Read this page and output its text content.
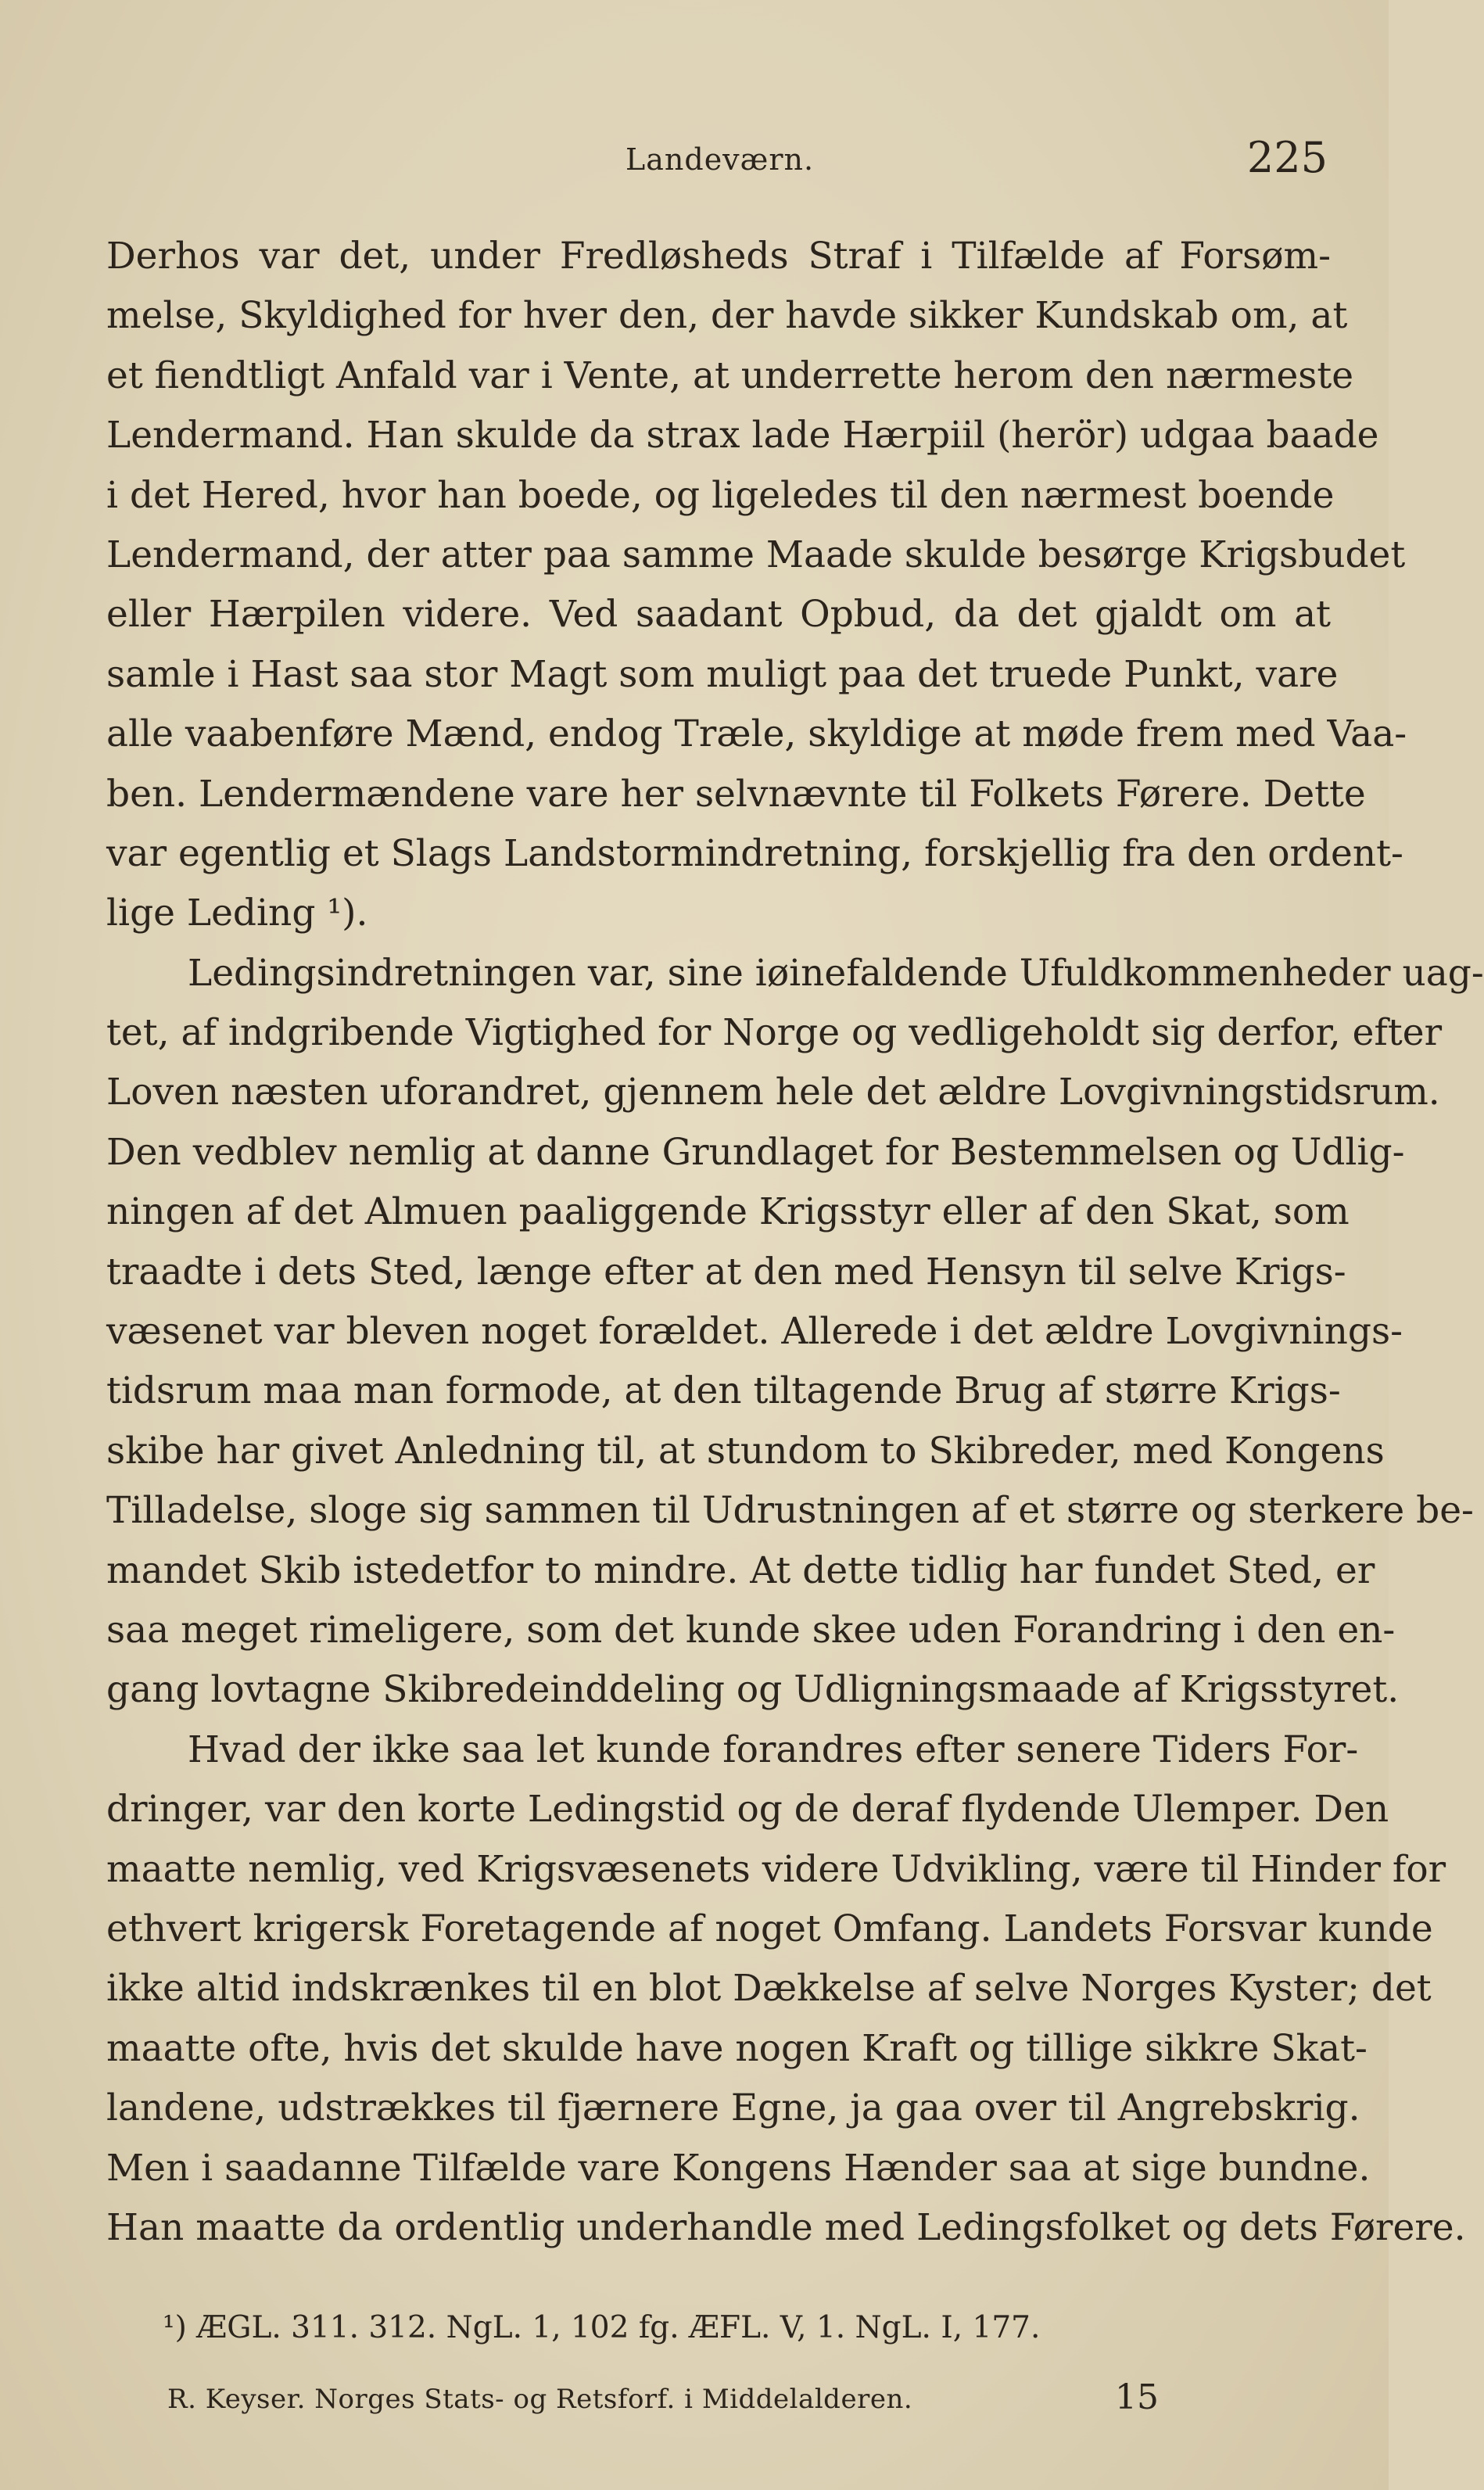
Landeværn.	225
Derhos var det, under Fredløsheds Straf i Tilfælde af Forsøm-
melse, Skyldighed for hver den, der havde sikker Kundskab om, at
et fiendtligt Anfald var i Vente, at underrette herom den nærmeste
Lendermand. Han skulde da strax lade Hærpiil (herör) udgaa baade
i det Hered, hvor han boede, og ligeledes til den nærmest boende
Lendermand, der atter paa samme Maade skulde besørge Krigsbudet
eller Hærpilen videre. Ved saadant Opbud, da det gjaldt om at
samle i Hast saa stor Magt som muligt paa det truede Punkt, vare
alle vaabenføre Mænd, endog Træle, skyldige at møde frem med Vaa-
ben. Lendermændene vare her selvnævnte til Folkets Førere. Dette
var egentlig et Slags Landstormindretning, forskjellig fra den ordent-
lige Leding ¹).
Ledingsindretningen var, sine iøinefaldende Ufuldkommenheder uag-
tet, af indgribende Vigtighed for Norge og vedligeholdt sig derfor, efter
Loven næsten uforandret, gjennem hele det ældre Lovgivningstidsrum.
Den vedblev nemlig at danne Grundlaget for Bestemmelsen og Udlig-
ningen af det Almuen paaliggende Krigsstyr eller af den Skat, som
traadte i dets Sted, længe efter at den med Hensyn til selve Krigs-
væsenet var bleven noget forældet. Allerede i det ældre Lovgivnings-
tidsrum maa man formode, at den tiltagende Brug af større Krigs-
skibe har givet Anledning til, at stundom to Skibreder, med Kongens
Tilladelse, sloge sig sammen til Udrustningen af et større og sterkere be-
mandet Skib istedetfor to mindre. At dette tidlig har fundet Sted, er
saa meget rimeligere, som det kunde skee uden Forandring i den en-
gang lovtagne Skibredeinddeling og Udligningsmaade af Krigsstyret.
Hvad der ikke saa let kunde forandres efter senere Tiders For-
dringer, var den korte Ledingstid og de deraf flydende Ulemper. Den
maatte nemlig, ved Krigsvæsenets videre Udvikling, være til Hinder for
ethvert krigersk Foretagende af noget Omfang. Landets Forsvar kunde
ikke altid indskrænkes til en blot Dækkelse af selve Norges Kyster; det
maatte ofte, hvis det skulde have nogen Kraft og tillige sikkre Skat-
landene, udstrækkes til fjærnere Egne, ja gaa over til Angrebskrig.
Men i saadanne Tilfælde vare Kongens Hænder saa at sige bundne.
Han maatte da ordentlig underhandle med Ledingsfolket og dets Førere.
¹) ÆGL. 311. 312. NgL. 1, 102 fg. ÆFL. V, 1. NgL. I, 177.
R. Keyser. Norges Stats- og Retsforf. i Middelalderen.	15
